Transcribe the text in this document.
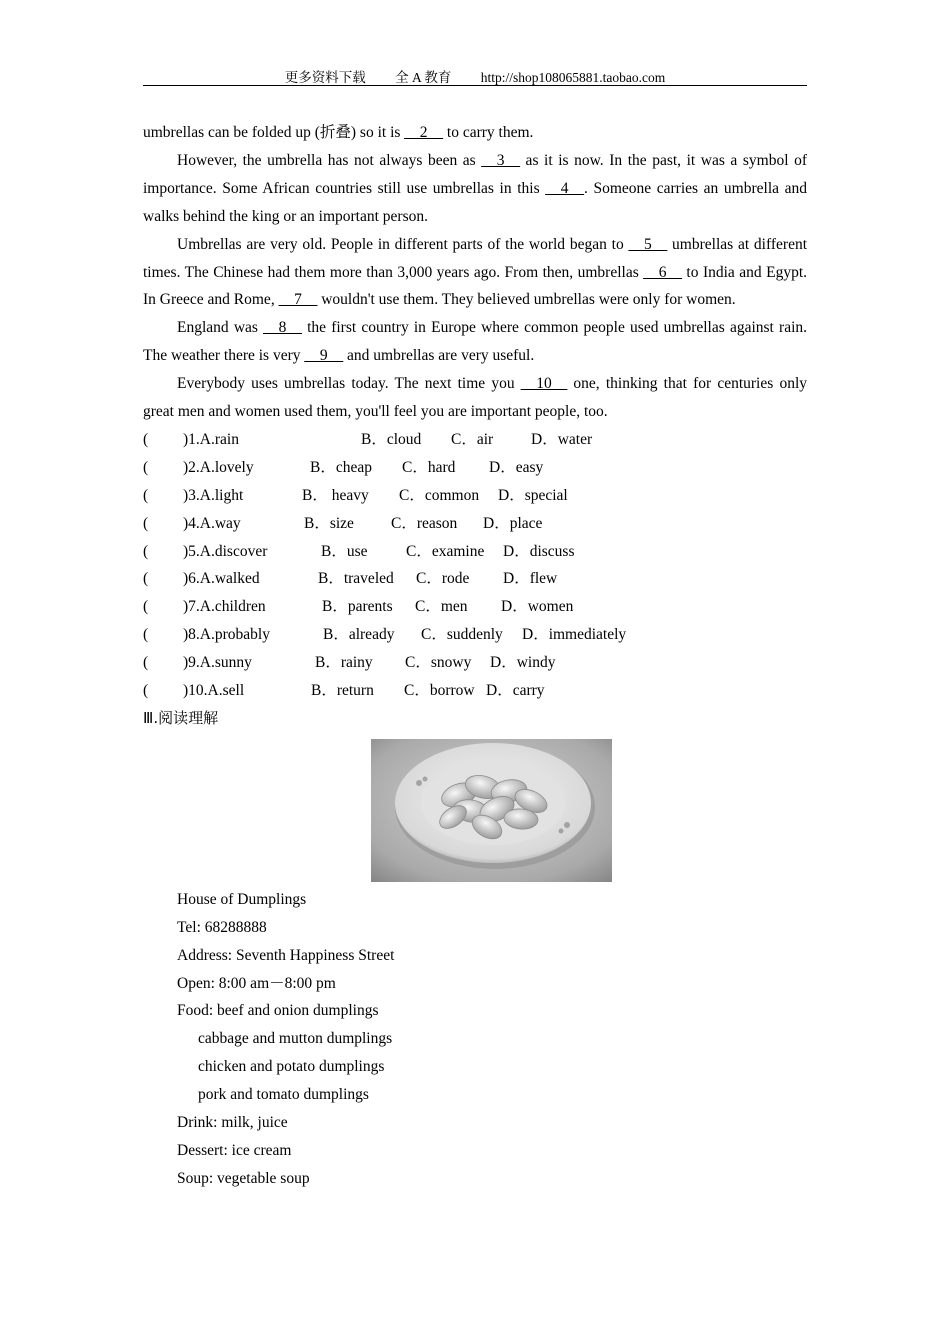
更多资料下载 全 A 教育 http://shop108065881.taobao.com

umbrellas can be folded up (折叠) so it is __2__ to carry them.

However, the umbrella has not always been as __3__ as it is now. In the past, it was a symbol of importance. Some African countries still use umbrellas in this __4__. Someone carries an umbrella and walks behind the king or an important person.

Umbrellas are very old. People in different parts of the world began to __5__ umbrellas at different times. The Chinese had them more than 3,000 years ago. From then, umbrellas __6__ to India and Egypt. In Greece and Rome, __7__ wouldn't use them. They believed umbrellas were only for women.

England was __8__ the first country in Europe where common people used umbrellas against rain. The weather there is very __9__ and umbrellas are very useful.

Everybody uses umbrellas today. The next time you __10__ one, thinking that for centuries only great men and women used them, you'll feel you are important people, too.

(	)1.A.rain	B．cloud	C．air	D．water
(	)2.A.lovely	B．cheap	C．hard	D．easy
(	)3.A.light	B． heavy	C．common	D．special
(	)4.A.way	B．size	C．reason	D．place
(	)5.A.discover	B．use	C．examine	D．discuss
(	)6.A.walked	B．traveled	C．rode	D．flew
(	)7.A.children	B．parents	C．men	D．women
(	)8.A.probably	B．already	C．suddenly	D．immediately
(	)9.A.sunny	B．rainy	C．snowy	D．windy
(	)10.A.sell	B．return	C．borrow D．carry
Ⅲ.阅读理解
House of Dumplings
Tel: 68288888
Address: Seventh Happiness Street
Open: 8:00 am－8:00 pm
Food: beef and onion dumplings
cabbage and mutton dumplings
chicken and potato dumplings
pork and tomato dumplings
Drink: milk, juice
Dessert: ice cream
Soup: vegetable soup
